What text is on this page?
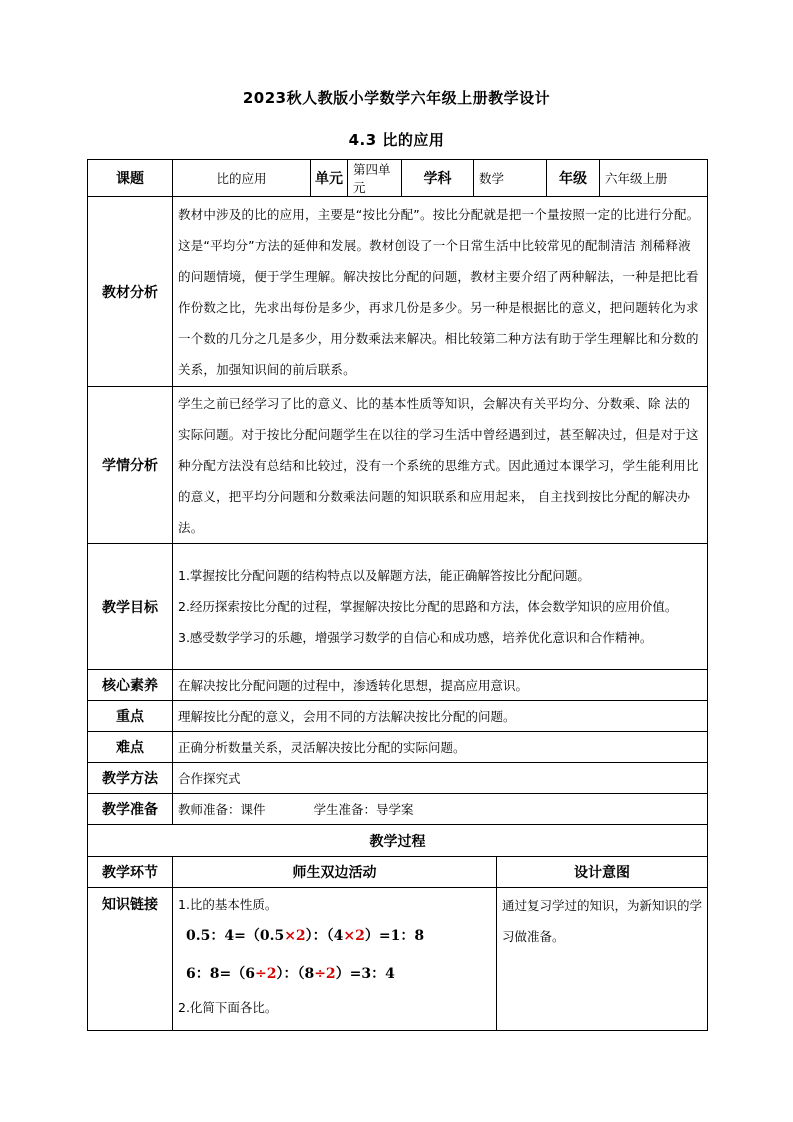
2023秋人教版小学数学六年级上册教学设计
4.3 比的应用
课题	比的应用	单元	第四单元	学科	数学		年级	六年级上册
教材分析	教材中涉及的比的应用，主要是“按比分配”。按比分配就是把一个量按照一定的比进行分配。这是“平均分”方法的延伸和发展。教材创设了一个日常生活中比较常见的配制清洁 剂稀释液的问题情境，便于学生理解。解决按比分配的问题，教材主要介绍了两种解法，一种是把比看作份数之比，先求出每份是多少，再求几份是多少。另一种是根据比的意义，把问题转化为求一个数的几分之几是多少，用分数乘法来解决。相比较第二种方法有助于学生理解比和分数的关系，加强知识间的前后联系。							
学情分析	学生之前已经学习了比的意义、比的基本性质等知识，会解决有关平均分、分数乘、除 法的实际问题。对于按比分配问题学生在以往的学习生活中曾经遇到过，甚至解决过，但是对于这种分配方法没有总结和比较过，没有一个系统的思维方式。因此通过本课学习，学生能利用比的意义，把平均分问题和分数乘法问题的知识联系和应用起来， 自主找到按比分配的解决办法。							
教学目标	1.掌握按比分配问题的结构特点以及解题方法，能正确解答按比分配问题。
2.经历探索按比分配的过程，掌握解决按比分配的思路和方法，体会数学知识的应用价值。
3.感受数学学习的乐趣，增强学习数学的自信心和成功感，培养优化意识和合作精神。							

核心素养	在解决按比分配问题的过程中，渗透转化思想，提高应用意识。							
重点	理解按比分配的意义，会用不同的方法解决按比分配的问题。							
难点	正确分析数量关系，灵活解决按比分配的实际问题。							
教学方法	合作探究式							
教学准备	教师准备：课件 学生准备：导学案							
教学过程								
教学环节	师生双边活动					设计意图		
知识链接	1.比的基本性质。
0.5：4=（0.5×2）：（4×2）=1：8
6：8=（6÷2）：（8÷2）=3：4
2.化简下面各比。					通过复习学过的知识，为新知识的学习做准备。		
